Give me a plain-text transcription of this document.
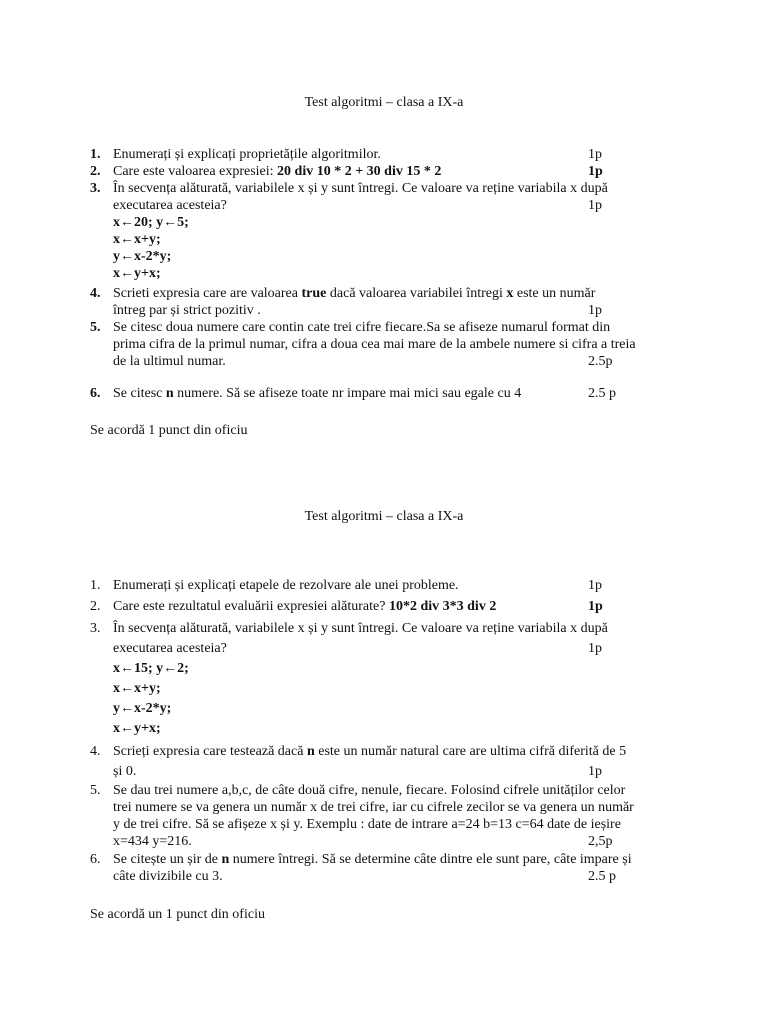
Test algoritmi – clasa a IX-a
1. Enumerați și explicați proprietățile algoritmilor.	1p
2. Care este valoarea expresiei: 20 div 10 * 2 + 30 div 15 * 2	1p
3. În secvența alăturată, variabilele x și y sunt întregi. Ce valoare va reține variabila x după
executarea acesteia?	1p
x←20; y←5;
x←x+y;
y←x-2*y;
x←y+x;
4. Scrieti expresia care are valoarea true dacă valoarea variabilei întregi x este un număr
întreg par și strict pozitiv .	1p
5. Se citesc doua numere care contin cate trei cifre fiecare.Sa se afiseze numarul format din
prima cifra de la primul numar, cifra a doua cea mai mare de la ambele numere si cifra a treia
de la ultimul numar.	2.5p
6. Se citesc n numere. Să se afiseze toate nr impare mai mici sau egale cu 4	2.5 p
Se acordă 1 punct din oficiu
Test algoritmi – clasa a IX-a
1. Enumerați și explicați etapele de rezolvare ale unei probleme.	1p
2. Care este rezultatul evaluării expresiei alăturate? 10*2 div 3*3 div 2	1p
3. În secvența alăturată, variabilele x și y sunt întregi. Ce valoare va reține variabila x după
executarea acesteia?	1p
x←15; y←2;
x←x+y;
y←x-2*y;
x←y+x;
4. Scrieți expresia care testează dacă n este un număr natural care are ultima cifră diferită de 5
și 0.	1p
5. Se dau trei numere a,b,c, de câte două cifre, nenule, fiecare. Folosind cifrele unităților celor
trei numere se va genera un număr x de trei cifre, iar cu cifrele zecilor se va genera un număr
y de trei cifre. Să se afișeze x și y. Exemplu : date de intrare a=24 b=13 c=64 date de ieșire
x=434 y=216.	2,5p
6. Se citește un șir de n numere întregi. Să se determine câte dintre ele sunt pare, câte impare și
câte divizibile cu 3.	2.5 p
Se acordă un 1 punct din oficiu
